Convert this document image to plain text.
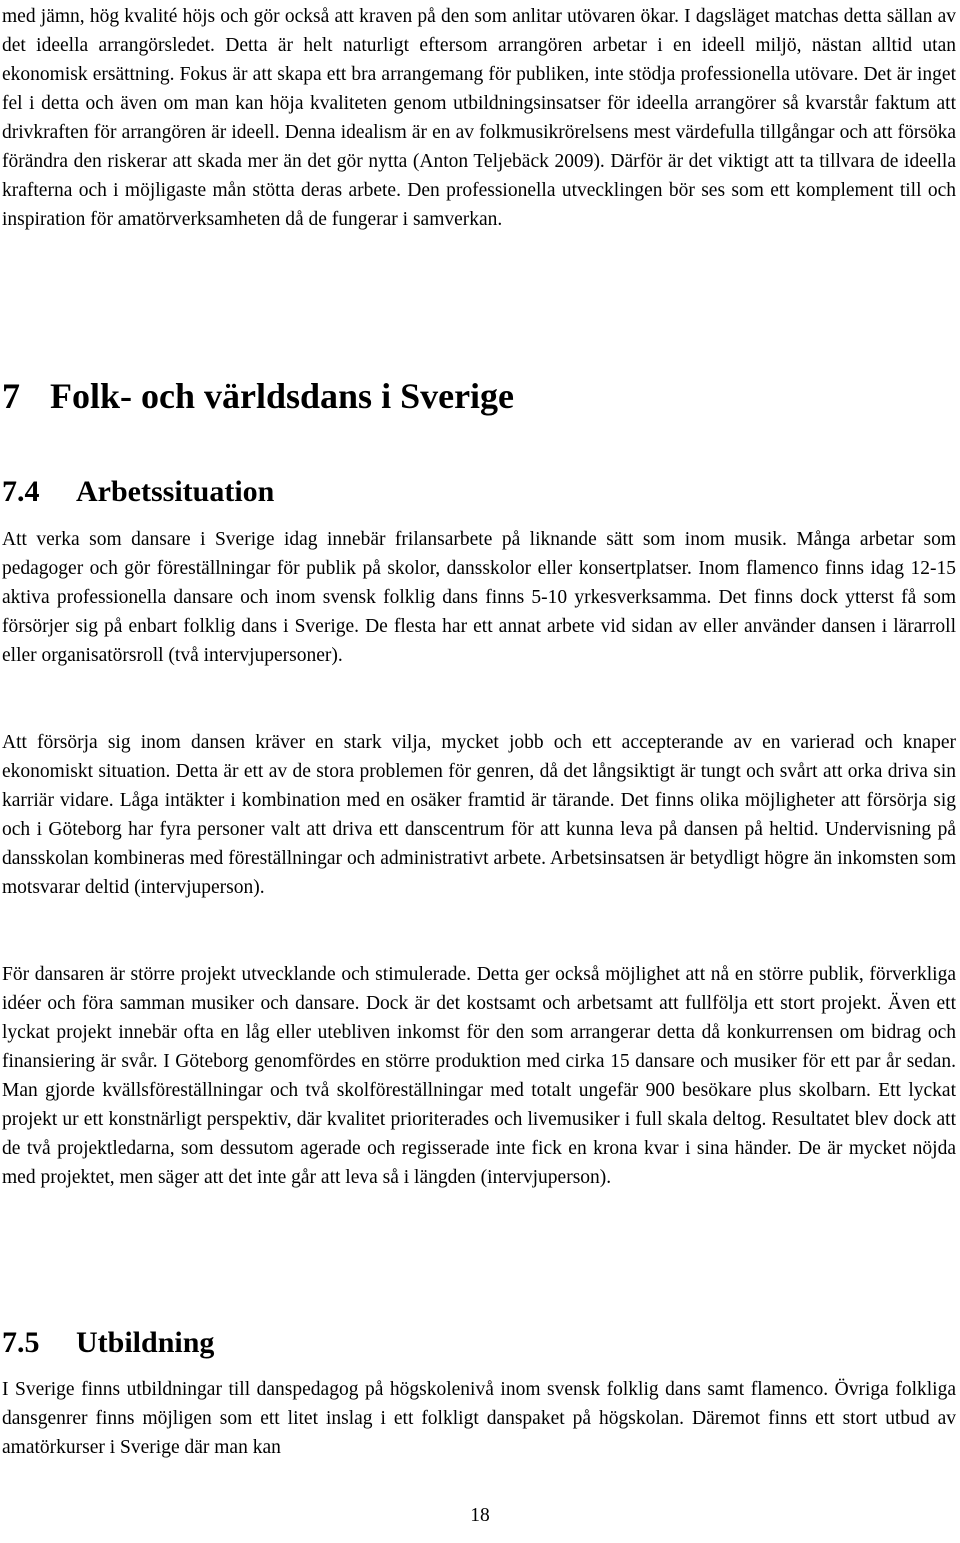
med jämn, hög kvalité höjs och gör också att kraven på den som anlitar utövaren ökar. I dagsläget matchas detta sällan av det ideella arrangörsledet. Detta är helt naturligt eftersom arrangören arbetar i en ideell miljö, nästan alltid utan ekonomisk ersättning. Fokus är att skapa ett bra arrangemang för publiken, inte stödja professionella utövare. Det är inget fel i detta och även om man kan höja kvaliteten genom utbildningsinsatser för ideella arrangörer så kvarstår faktum att drivkraften för arrangören är ideell. Denna idealism är en av folkmusikrörelsens mest värdefulla tillgångar och att försöka förändra den riskerar att skada mer än det gör nytta (Anton Teljebäck 2009). Därför är det viktigt att ta tillvara de ideella krafterna och i möjligaste mån stötta deras arbete. Den professionella utvecklingen bör ses som ett komplement till och inspiration för amatörverksamheten då de fungerar i samverkan.

7 Folk- och världsdans i Sverige
7.4 Arbetssituation

Att verka som dansare i Sverige idag innebär frilansarbete på liknande sätt som inom musik. Många arbetar som pedagoger och gör föreställningar för publik på skolor, dansskolor eller konsertplatser. Inom flamenco finns idag 12-15 aktiva professionella dansare och inom svensk folklig dans finns 5-10 yrkesverksamma. Det finns dock ytterst få som försörjer sig på enbart folklig dans i Sverige. De flesta har ett annat arbete vid sidan av eller använder dansen i lärarroll eller organisatörsroll (två intervjupersoner).

Att försörja sig inom dansen kräver en stark vilja, mycket jobb och ett accepterande av en varierad och knaper ekonomiskt situation. Detta är ett av de stora problemen för genren, då det långsiktigt är tungt och svårt att orka driva sin karriär vidare. Låga intäkter i kombination med en osäker framtid är tärande. Det finns olika möjligheter att försörja sig och i Göteborg har fyra personer valt att driva ett danscentrum för att kunna leva på dansen på heltid. Undervisning på dansskolan kombineras med föreställningar och administrativt arbete. Arbetsinsatsen är betydligt högre än inkomsten som motsvarar deltid (intervjuperson).

För dansaren är större projekt utvecklande och stimulerade. Detta ger också möjlighet att nå en större publik, förverkliga idéer och föra samman musiker och dansare. Dock är det kostsamt och arbetsamt att fullfölja ett stort projekt. Även ett lyckat projekt innebär ofta en låg eller utebliven inkomst för den som arrangerar detta då konkurrensen om bidrag och finansiering är svår. I Göteborg genomfördes en större produktion med cirka 15 dansare och musiker för ett par år sedan. Man gjorde kvällsföreställningar och två skolföreställningar med totalt ungefär 900 besökare plus skolbarn. Ett lyckat projekt ur ett konstnärligt perspektiv, där kvalitet prioriterades och livemusiker i full skala deltog. Resultatet blev dock att de två projektledarna, som dessutom agerade och regisserade inte fick en krona kvar i sina händer. De är mycket nöjda med projektet, men säger att det inte går att leva så i längden (intervjuperson).

7.5 Utbildning

I Sverige finns utbildningar till danspedagog på högskolenivå inom svensk folklig dans samt flamenco. Övriga folkliga dansgenrer finns möjligen som ett litet inslag i ett folkligt danspaket på högskolan. Däremot finns ett stort utbud av amatörkurser i Sverige där man kan

18
